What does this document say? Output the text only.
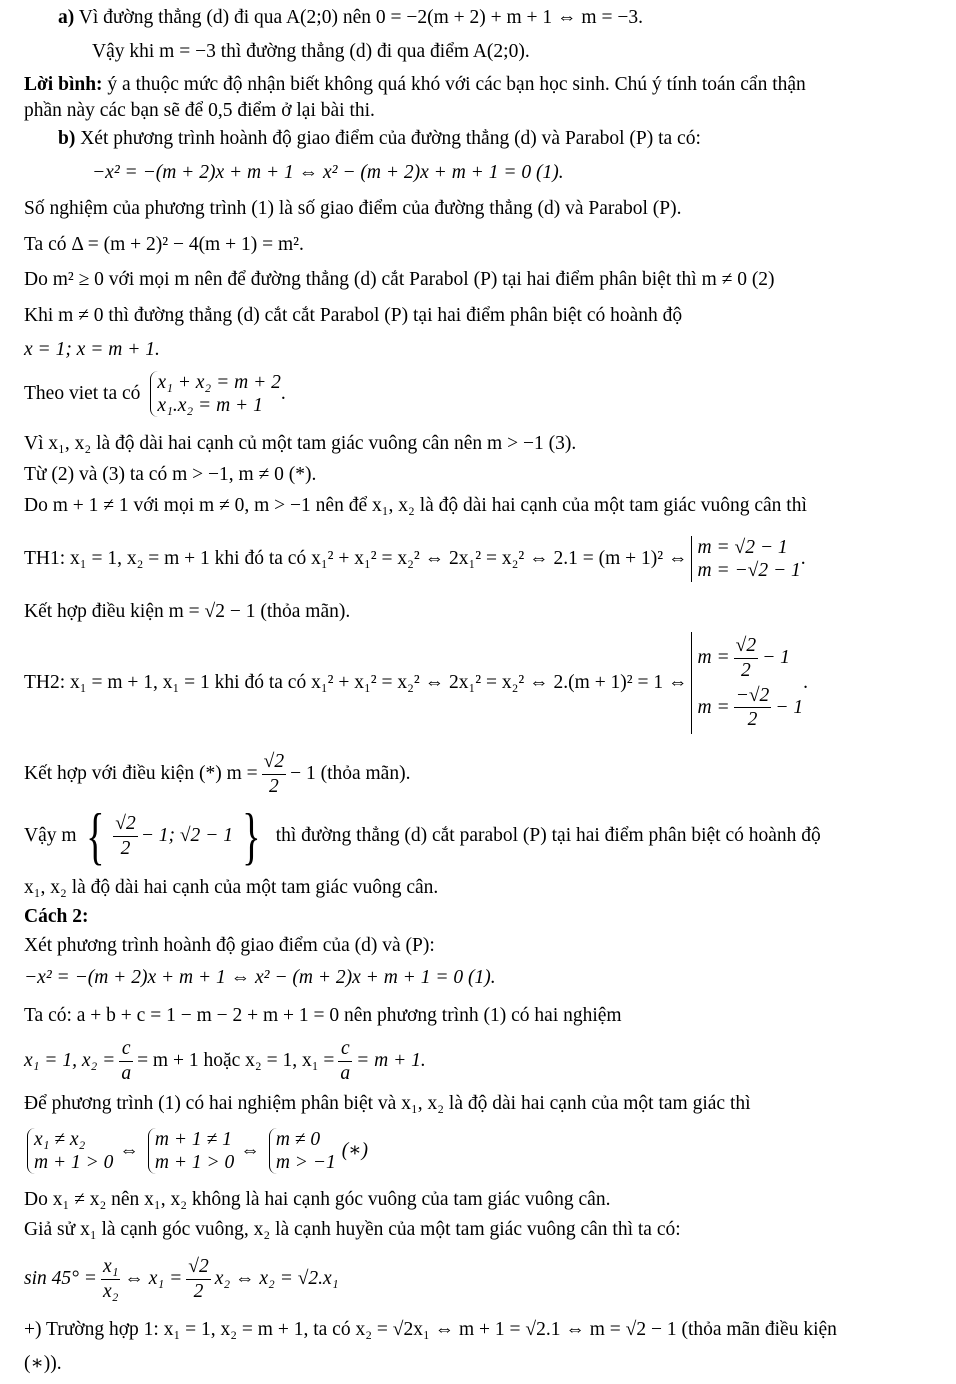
a) Vì đường thẳng (d) đi qua A(2;0) nên 0 = −2(m + 2) + m + 1 ⇔ m = −3.
Vậy khi m = −3 thì đường thẳng (d) đi qua điểm A(2;0).
Lời bình: ý a thuộc mức độ nhận biết không quá khó với các bạn học sinh. Chú ý tính toán cẩn thận
phần này các bạn sẽ để 0,5 điểm ở lại bài thi.
b) Xét phương trình hoành độ giao điểm của đường thẳng (d) và Parabol (P) ta có:
−x² = −(m + 2)x + m + 1 ⇔ x² − (m + 2)x + m + 1 = 0 (1).
Số nghiệm của phương trình (1) là số giao điểm của đường thẳng (d) và Parabol (P).
Ta có Δ = (m + 2)² − 4(m + 1) = m².
Do m² ≥ 0 với mọi m nên để đường thẳng (d) cắt Parabol (P) tại hai điểm phân biệt thì m ≠ 0 (2)
Khi m ≠ 0 thì đường thẳng (d) cắt cắt Parabol (P) tại hai điểm phân biệt có hoành độ
x = 1; x = m + 1.
Theo viet ta có
x₁ + x₂ = m + 2
x₁.x₂ = m + 1
.
Vì x₁, x₂ là độ dài hai cạnh củ một tam giác vuông cân nên m > −1 (3).
Từ (2) và (3) ta có m > −1, m ≠ 0 (*).
Do m + 1 ≠ 1 với mọi m ≠ 0, m > −1 nên để x₁, x₂ là độ dài hai cạnh của một tam giác vuông cân thì
TH1: x₁ = 1, x₂ = m + 1 khi đó ta có x₁² + x₁² = x₂² ⇔ 2x₁² = x₂² ⇔ 2.1 = (m + 1)² ⇔
m = √2 − 1
m = −√2 − 1
.
Kết hợp điều kiện m = √2 − 1 (thỏa mãn).
TH2: x₁ = m + 1, x₁ = 1 khi đó ta có x₁² + x₁² = x₂² ⇔ 2x₁² = x₂² ⇔ 2.(m + 1)² = 1 ⇔
$m = \frac{√2}{2} - 1$
$m = \frac{-√2}{2} - 1$
.
Kết hợp với điều kiện (*) $m = \frac{√2}{2} - 1$ (thỏa mãn).
Vậy m { $\frac{√2}{2} - 1$; √2 − 1 } thì đường thẳng (d) cắt parabol (P) tại hai điểm phân biệt có hoành độ
x₁, x₂ là độ dài hai cạnh của một tam giác vuông cân.
Cách 2:
Xét phương trình hoành độ giao điểm của (d) và (P):
−x² = −(m + 2)x + m + 1 ⇔ x² − (m + 2)x + m + 1 = 0 (1).
Ta có: a + b + c = 1 − m − 2 + m + 1 = 0 nên phương trình (1) có hai nghiệm
x₁ = 1, $x_2 = \frac{c}{a} = m + 1$ hoặc x₂ = 1, $x_1 = \frac{c}{a} = m + 1$.
Để phương trình (1) có hai nghiệm phân biệt và x₁, x₂ là độ dài hai cạnh của một tam giác thì
x₁ ≠ x₂
m + 1 > 0
⇔
m + 1 ≠ 1
m + 1 > 0
⇔
m ≠ 0
m > −1
(∗)
Do x₁ ≠ x₂ nên x₁, x₂ không là hai cạnh góc vuông của tam giác vuông cân.
Giả sử x₁ là cạnh góc vuông, x₂ là cạnh huyền của một tam giác vuông cân thì ta có:
$\sin 45^\circ = \frac{\text{x₁}}{\text{x₂}}$ ⇔ $x_1 = \frac{√2}{2} x_2$ ⇔ x₂ = √2.x₁
+) Trường hợp 1: x₁ = 1, x₂ = m + 1, ta có x₂ = √2x₁ ⇔ m + 1 = √2.1 ⇔ m = √2 − 1 (thỏa mãn điều kiện
(∗)).
